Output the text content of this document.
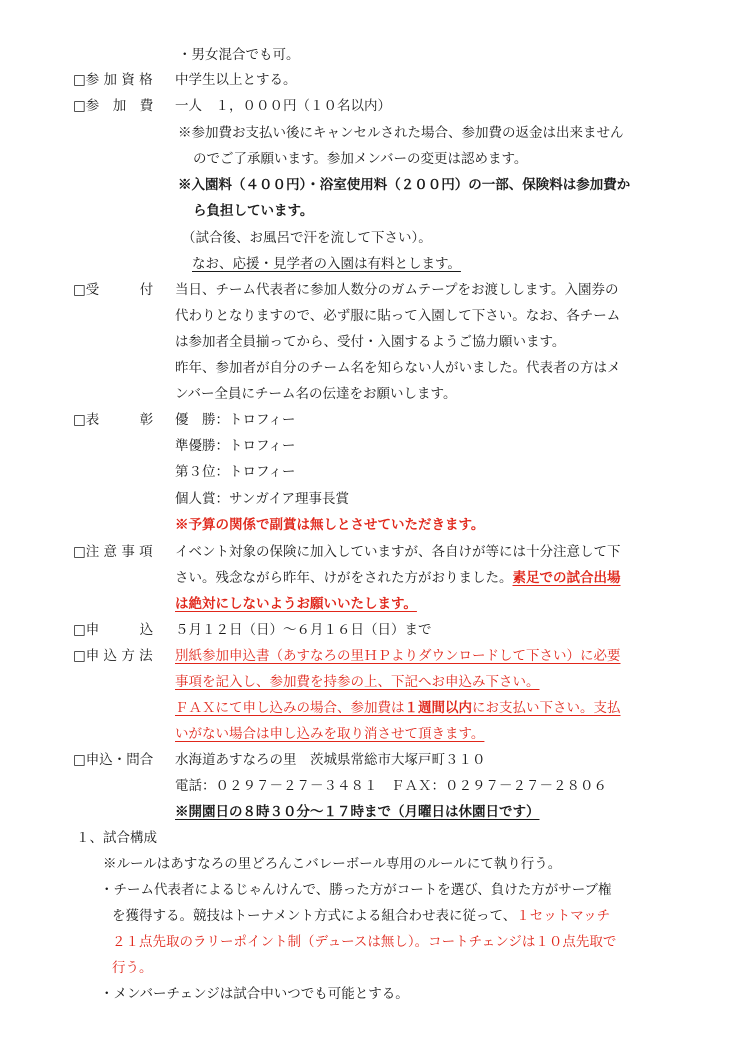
・男女混合でも可。
□参 加 資 格 中学生以上とする。
□参　加　費 一人　１，０００円（１０名以内）
※参加費お支払い後にキャンセルされた場合、参加費の返金は出来ません
のでご了承願います。参加メンバーの変更は認めます。
※入園料（４００円）・浴室使用料（２００円）の一部、保険料は参加費か
ら負担しています。
（試合後、お風呂で汗を流して下さい）。
なお、応援・見学者の入園は有料とします。
□受　　　付 当日、チーム代表者に参加人数分のガムテープをお渡しします。入園券の
代わりとなりますので、必ず服に貼って入園して下さい。なお、各チーム
は参加者全員揃ってから、受付・入園するようご協力願います。
昨年、参加者が自分のチーム名を知らない人がいました。代表者の方はメ
ンバー全員にチーム名の伝達をお願いします。
□表　　　彰 優　勝：トロフィー
準優勝：トロフィー
第３位：トロフィー
個人賞：サンガイア理事長賞
※予算の関係で副賞は無しとさせていただきます。
□注 意 事 項 イベント対象の保険に加入していますが、各自けが等には十分注意して下
さい。残念ながら昨年、けがをされた方がおりました。素足での試合出場
は絶対にしないようお願いいたします。
□申　　　込 ５月１２日（日）～６月１６日（日）まで
□申 込 方 法 別紙参加申込書（あすなろの里ＨＰよりダウンロードして下さい）に必要
事項を記入し、参加費を持参の上、下記へお申込み下さい。
ＦＡＸにて申し込みの場合、参加費は１週間以内にお支払い下さい。支払
いがない場合は申し込みを取り消させて頂きます。
□申込・問合 水海道あすなろの里　茨城県常総市大塚戸町３１０
電話：０２９７－２７－３４８１　ＦＡＸ：０２９７－２７－２８０６
※開園日の８時３０分～１７時まで（月曜日は休園日です）
１、試合構成
※ルールはあすなろの里どろんこバレーボール専用のルールにて執り行う。
・チーム代表者によるじゃんけんで、勝った方がコートを選び、負けた方がサーブ権
を獲得する。競技はトーナメント方式による組合わせ表に従って、１セットマッチ
２１点先取のラリーポイント制（デュースは無し）。コートチェンジは１０点先取で
行う。
・メンバーチェンジは試合中いつでも可能とする。
